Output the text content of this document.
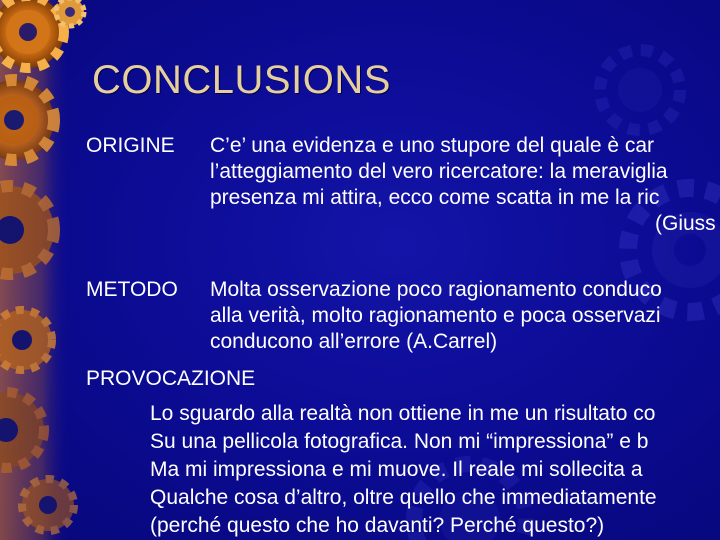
CONCLUSIONS
ORIGINE C’e’ una evidenza e uno stupore del quale è car
l’atteggiamento del vero ricercatore: la meraviglia
presenza mi attira, ecco come scatta in me la ric
(Giuss
METODO Molta osservazione poco ragionamento conduco
alla verità, molto ragionamento e poca osservazi
conducono all’errore (A.Carrel)
PROVOCAZIONE
Lo sguardo alla realtà non ottiene in me un risultato co
Su una pellicola fotografica. Non mi “impressiona” e b
Ma mi impressiona e mi muove. Il reale mi sollecita a
Qualche cosa d’altro, oltre quello che immediatamente
(perché questo che ho davanti? Perché questo?)
